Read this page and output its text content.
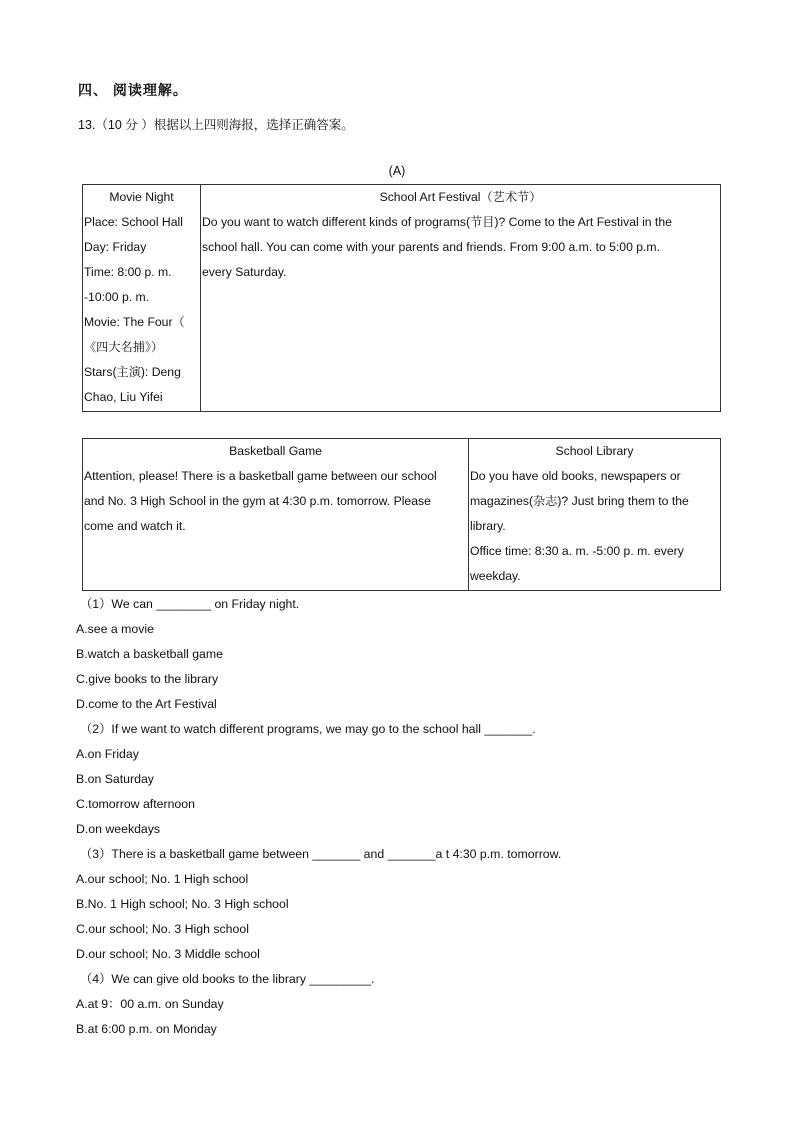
四、 阅读理解。
13.（10 分 ）根据以上四则海报，选择正确答案。
(A)
Movie Night
Place: School Hall
Day: Friday
Time: 8:00 p. m.
-10:00 p. m.
Movie: The Four（
《四大名捕》）
Stars(主演): Deng
Chao, Liu Yifei

School Art Festival（艺术节）
Do you want to watch different kinds of programs(节目)? Come to the Art Festival in the
school hall. You can come with your parents and friends. From 9:00 a.m. to 5:00 p.m.
every Saturday.
Basketball Game
Attention, please! There is a basketball game between our school
and No. 3 High School in the gym at 4:30 p.m. tomorrow. Please
come and watch it.

School Library
Do you have old books, newspapers or
magazines(杂志)? Just bring them to the
library.
Office time: 8:30 a. m. -5:00 p. m. every
weekday.
（1）We can ________ on Friday night.
A.see a movie
B.watch a basketball game
C.give books to the library
D.come to the Art Festival
（2）If we want to watch different programs, we may go to the school hall _______.
A.on Friday
B.on Saturday
C.tomorrow afternoon
D.on weekdays
（3）There is a basketball game between _______ and _______a t 4:30 p.m. tomorrow.
A.our school; No. 1 High school
B.No. 1 High school; No. 3 High school
C.our school; No. 3 High school
D.our school; No. 3 Middle school
（4）We can give old books to the library _________.
A.at 9：00 a.m. on Sunday
B.at 6:00 p.m. on Monday
